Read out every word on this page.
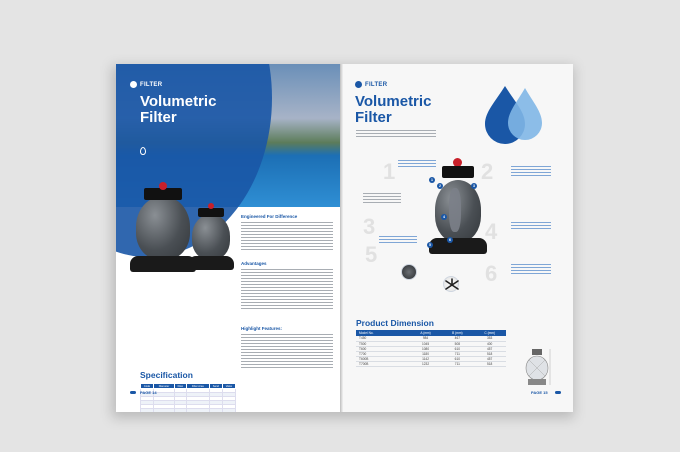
FILTER
Volumetric
Filter
Engineered For Difference
Advantages
Highlight Features:
Specification
Code	Diameter	Flow	Filter Area	Sand	Valve

PAGE 14
FILTER
Volumetric
Filter
1	2
3	4
5
6
1
2	3
4
5
6
Product Dimension
Model No.	A (mm)	B (mm)	C (mm)
T450	984	467	353
T500	1045	508	400
T600	1080	610	457
T700	1180	711	518
T600B	1142	610	457
T700B	1232	711	518
PAGE 15
